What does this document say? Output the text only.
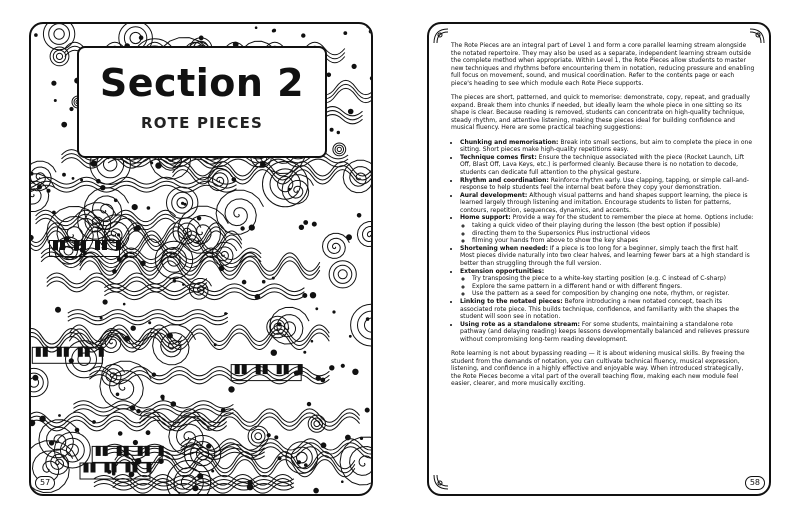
Section 2
ROTE PIECES
57

The Rote Pieces are an integral part of Level 1 and form a core parallel learning stream alongside the notated repertoire. They may also be used as a separate, independent learning stream outside the complete method when appropriate. Within Level 1, the Rote Pieces allow students to master new techniques and rhythms before encountering them in notation, reducing pressure and enabling full focus on movement, sound, and musical coordination. Refer to the contents page or each piece's heading to see which module each Rote Piece supports.

The pieces are short, patterned, and quick to memorise: demonstrate, copy, repeat, and gradually expand. Break them into chunks if needed, but ideally learn the whole piece in one sitting so its shape is clear. Because reading is removed, students can concentrate on high-quality technique, steady rhythm, and attentive listening, making these pieces ideal for building confidence and musical fluency. Here are some practical teaching suggestions:

• Chunking and memorisation: Break into small sections, but aim to complete the piece in one sitting. Short pieces make high-quality repetitions easy.
• Technique comes first: Ensure the technique associated with the piece (Rocket Launch, Lift Off, Blast Off, Lava Keys, etc.) is performed cleanly. Because there is no notation to decode, students can dedicate full attention to the physical gesture.
• Rhythm and coordination: Reinforce rhythm early. Use clapping, tapping, or simple call-and-response to help students feel the internal beat before they copy your demonstration.
• Aural development: Although visual patterns and hand shapes support learning, the piece is learned largely through listening and imitation. Encourage students to listen for patterns, contours, repetition, sequences, dynamics, and accents.
• Home support: Provide a way for the student to remember the piece at home. Options include:
◦ taking a quick video of their playing during the lesson (the best option if possible)
◦ directing them to the Supersonics Plus instructional videos
◦ filming your hands from above to show the key shapes
• Shortening when needed: If a piece is too long for a beginner, simply teach the first half. Most pieces divide naturally into two clear halves, and learning fewer bars at a high standard is better than struggling through the full version.
• Extension opportunities:
◦ Try transposing the piece to a white-key starting position (e.g. C instead of C-sharp)
◦ Explore the same pattern in a different hand or with different fingers.
◦ Use the pattern as a seed for composition by changing one note, rhythm, or register.
• Linking to the notated pieces: Before introducing a new notated concept, teach its associated rote piece. This builds technique, confidence, and familiarity with the shapes the student will soon see in notation.
• Using rote as a standalone stream: For some students, maintaining a standalone rote pathway (and delaying reading) keeps lessons developmentally balanced and relieves pressure without compromising long-term reading development.

Rote learning is not about bypassing reading — it is about widening musical skills. By freeing the student from the demands of notation, you can cultivate technical fluency, musical expression, listening, and confidence in a highly effective and enjoyable way. When introduced strategically, the Rote Pieces become a vital part of the overall teaching flow, making each new module feel easier, clearer, and more musically exciting.

58
